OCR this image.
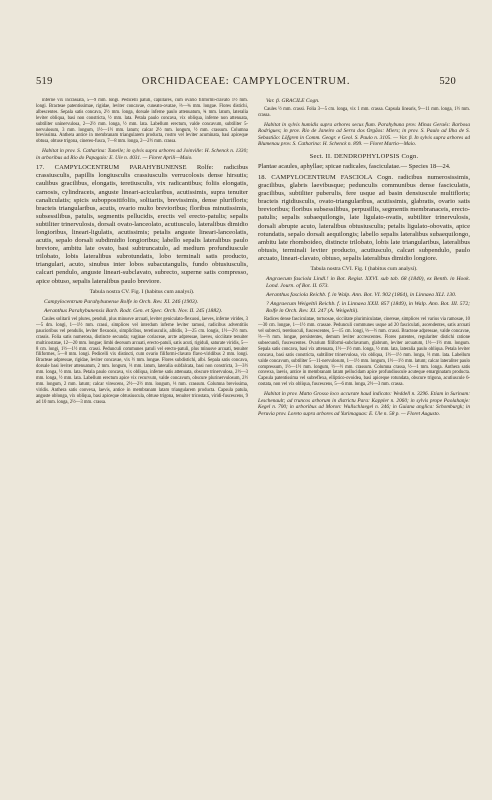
519	ORCHIDACEAE: CAMPYLOCENTRUM.	520

inferne vix incrassata, 5—9 mm. longi. Pedicelli patuli, capillares, cum ovario filiformi-clavato 1½ mm. longi. Bracteae patentissimae, rigidae, leviter concavae, cuneato-ovatae, ⅔—¾ mm. longae. Flores distichi, albescentes. Sepala satis concava, 2½ mm. longa, dorsale inferne paulo attenuatum, ¾ mm. latum, lateralia leviter obliqua, basi non constricta, ½ mm. lata. Petala paulo concava, vix obliqua, inferne non attenuata, subtiliter uninervulosa, 2—2½ mm. longa, ½ mm. lata. Labellum erectum, valde concavum, subtiliter 5-nervulosum, 3 mm. longum, 1½—1½ mm. latum; calcar 2½ mm. longum, ½ mm. crassum. Columna brevissima. Anthera antice in membranam triangularem producta, rostro vel leviter acuminata, basi apiceque obtusa, obtuse trigona, cinereo-fusca, 7—8 mm. longa, 2—2½ mm. crassa.

Habitat in prov. S. Catharina: Tunelle; in sylvis supra arbores ad Joinville: H. Schenck n. 1330; in arboribus ad Rio do Papagaio: E. Ule n. 4031. — Floret Aprili—Maio.

17. CAMPYLOCENTRUM PARAHYBUNENSE Rolfe: radicibus crassiusculis, papillis longiusculis crassiusculis verrucolosis densе hirsutis; caulibus gracilibus, elongatis, teretiusculis, vix radicantibus; foliis elongatis, carnosis, cylindraceis, anguste lineari-acicularibus, acutissimis, supra tenuiter canaliculatis; spicis suboppositifoliis, solitariis, brevissimis, dense pluriflоris; bracteis triangularibus, acutis, ovario multo brevioribus; floribus minutissimis, subsessilibus, patulis, segmentis pellucidis, erectis vel erecto-patulis; sepalis subtiliter trinervulosis, dorsali ovato-lanceolato, acutiusculo, lateralibus dimidio longioribus, lineari-ligulatis, acutissimis; petalis anguste lineari-lanceolatis, acutis, sepalo dorsali subdimidio longioribus; labello sepalis lateralibus paulo breviore, ambitu late ovato, basi subtruncatulo, ad medium profundiuscule trilobato, lobis lateralibus subrotundatis, lobo terminali satis producto, triangulari, acuto, sinubus inter lobos subacutangulis, fundo obtusiusculis, calcari pendulo, anguste lineari-subclavato, subrecto, superne satis compresso, apice obtuso, sepalis lateralibus paulo breviore.

Tabula nostra CV. Fig. I (habitus cum analysi).

Campylocentrum Parahybunense Rolfe in Orch. Rev. XI. 246 (1903).

Aeranthus Parahybunensis Barb. Rodr. Gen. et Spec. Orch. Nov. II. 245 (1882).

Caules solitarii vel plures, penduli, plus minusve arcuati, leviter geniculato-flexuosi, laeves, inferne virides, 3—5 dm. longi, 1—1½ mm. crassi, simplices vel interdum inferne leviter ramosi, radicibus adventitiis paucioribus vel pendulis, leviter flexuosis, simplicibus, teretiusculis, albidis, 3—25 cm. longis, 1½—2½ mm. crassis. Folia satis numerosa, distincte secunda; vaginae coriaceae, arcte adpressae, laeves, sicciitate tenuiter multicostatae, 12—20 mm. longae; limbi deorsum arcuati, erecto-patuli, satis acuti, rigiduli, saturate viridis, 5—8 cm. longi, 1½—1½ mm. crassi. Pedunculi communes patuli vel erecto-patuli, plus minusve arcuati, tenuiter filiformes, 5—8 mm. longi. Pedicelli vix distincti, cum ovario filiformi-clavato flavo-viridibus 2 mm. longi. Bracteae adpressae, rigidae, leviter concavae, vix ½ mm. longae. Flores subdistichi, albi. Sepala satis concava, dorsale basi leviter attenuatum, 2 mm. longum, ⅔ mm. latum, lateralia subfalcata, basi non constricta, 3—3½ mm. longa, ½ mm. lata. Petala paulo concava, vix obliqua, inferne satis attenuata, obscure trinervulosa, 2½—3 mm. longa, ½ mm. lata. Labellum erectum apice vix recurvum, valde concavum, obscure plurinervulosum, 2½ mm. longum, 2 mm. latum; calcar virescens, 2½—2½ mm. longum, ⅓ mm. crassum. Columna brevissima, viridis. Anthera satis convexa, laevis, antice in membranam latam triangularem producta. Capsula patula, anguste oblonga, vix obliqua, basi apiceque obtusiuscula, obtuse trigona, tenuiter tricostata, viridi-fuscescens, 9 ad 10 mm. longa, 2½—3 mm. crassa.

Var. β. GRACILE Cogn.

Caules ½ mm. crassi. Folia 3—5 cm. longa, vix 1 mm. crassa. Capsula linearis, 9—11 mm. longa, 1½ mm. crassa.

Habitat in sylvis humidis supra arbores secus flum. Parahybuna prov. Minas Geraës: Barbosa Rodrigues; in prov. Rio de Janeiro ad Serra dos Orgãos: Miers; in prov. S. Paulo ad Ilha de S. Sebastião: Löfgren in Comm. Geogr. e Geol. S. Paulo n. 3105. — Var. β. In sylvis supra arbores ad Blumenau prov. S. Catharina: H. Schenck n. 899. — Floret Martio—Maio.

Sect. II. DENDROPHYLOPSIS Cogn.

Plantae acaules, aphyllae; spicae radicales, fasciculatae.— Species 18—24.

18. CAMPYLOCENTRUM FASCIOLA Cogn. radicibus numerosissimis, gracilibus, glabris laevibusque; pedunculis communibus dense fasciculatis, gracilibus, subtiliter puberulis, fere usque ad basin densiuscule multifloris; bracteis rigidiusculis, ovato-triangularibus, acutissimis, glabratis, ovario satis brevioribus; floribus subsessilibus, perpusillis, segmentis membranaceis, erecto-patulis; sepalis subaequilongis, late ligulato-ovatis, subtiliter trinervulosis, dorsali abrupte acuto, lateralibus obtusiusculis; petalis ligulato-obovatis, apice rotundatis, sepalo dorsali aequilongis; labello sepalis lateralibus subaequilongo, ambitu late rhomboideo, distincte trilobato, lobis late triangularibus, lateralibus obtusis, terminali leviter producto, acutiusculo, calcari subpendulo, paulo arcuato, lineari-clavato, obtuso, sepalis lateralibus dimidio longiore.

Tabula nostra CVI. Fig. I (habitus cum analysi).

Angraecum fasciola Lindl.! in Bot. Regist. XXVI. sub tab. 68 (1840), ex Benth. in Hook. Lond. Journ. of Bot. II. 673.

Aeranthus fasciola Reichb. f. in Walp. Ann. Bot. VI. 902 (1864), in Linnaea XLI. 130.

? Angraecum Weigeltii Reichb. f. in Linnaea XXII. 857 (1849), in Walp. Ann. Bot. III. 572; Rolfe in Orch. Rev. XI. 247 (A. Weigeltii).

Radices dense fasciculatae, tortuosae, sicciitate plurimiculatae, cinereae, simplices vel varius via ramosae, 10—30 cm. longae, 1—1½ mm. crassae. Pedunculi communes usque ad 20 fasciculati, ascendentes, satis arcuati vel subrecti, teretiusculi, fuscescentes, 5—15 cm. longi, ⅓—½ mm. crassi. Bracteae adpressae, valde concavae, ⅔—⅔ mm. longae, persistentes, demum leviter accrescentes. Flores patentes, regulariter distichi ratione subsecundi, fuscescentes. Ovarium filiformi-subclavatum, glabrum, leviter arcuatum, 1½—1½ mm. longum. Sepala satis concava, basi vix attenuata, 1½—1½ mm. longa, ½ mm. lata, lateralia paulo obliqua. Petala leviter concava, basi satis constricta, subtiliter trinervulosa, vix obliqua, 1½—1½ mm. longa, ⅔ mm. lata. Labellum valde concavum, subtiliter 5—11-nervulosum, 1—1½ mm. longum, 1½—1½ mm. latum; calcar lateraliter paulo compressum, 1½—1½ mm. longum, ½—½ mm. crassum. Columna crassa, ½—1 mm. longa. Anthera satis convexa, laevis, antice in membranam latam pellucidam apice profundiuscule acuteque emarginatam producta. Capsula patentissima vel subreflexa, elliptico-ovoidea, basi apiceque rotundata, obscure trigona, acutiuscule 6-costata, non vel vix obliqua, fuscescens, 5—6 mm. longa, 2½—3 mm. crassa.

Habitat in prov. Matto Grosso loco accurate haud indicato: Weddell n. 3296. Etiam in Surinam: Leschenault; ad truncos arborum in districtu Para: Kappler n. 2060; in sylvis prope Paolahanje: Kegel n. 700; in arboribus ad Moron: Wullschlaegel n. 346; in Guiana anglica: Schomburgk; in Peruvia prov. Loreto supra arbores ad Yurimaguas: E. Ule n. 58 p. — Floret Augusto.
